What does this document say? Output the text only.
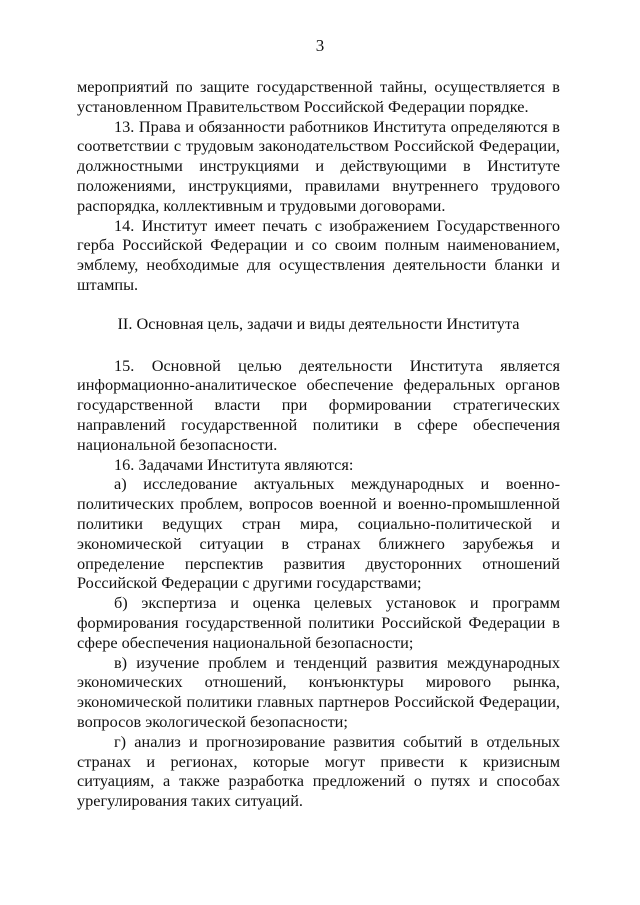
3

мероприятий по защите государственной тайны, осуществляется в установленном Правительством Российской Федерации порядке.

13. Права и обязанности работников Института определяются в соответствии с трудовым законодательством Российской Федерации, должностными инструкциями и действующими в Институте положениями, инструкциями, правилами внутреннего трудового распорядка, коллективным и трудовыми договорами.

14. Институт имеет печать с изображением Государственного герба Российской Федерации и со своим полным наименованием, эмблему, необходимые для осуществления деятельности бланки и штампы.

II. Основная цель, задачи и виды деятельности Института

15. Основной целью деятельности Института является информационно-аналитическое обеспечение федеральных органов государственной власти при формировании стратегических направлений государственной политики в сфере обеспечения национальной безопасности.

16. Задачами Института являются:

а) исследование актуальных международных и военно-политических проблем, вопросов военной и военно-промышленной политики ведущих стран мира, социально-политической и экономической ситуации в странах ближнего зарубежья и определение перспектив развития двусторонних отношений Российской Федерации с другими государствами;

б) экспертиза и оценка целевых установок и программ формирования государственной политики Российской Федерации в сфере обеспечения национальной безопасности;

в) изучение проблем и тенденций развития международных экономических отношений, конъюнктуры мирового рынка, экономической политики главных партнеров Российской Федерации, вопросов экологической безопасности;

г) анализ и прогнозирование развития событий в отдельных странах и регионах, которые могут привести к кризисным ситуациям, а также разработка предложений о путях и способах урегулирования таких ситуаций.
